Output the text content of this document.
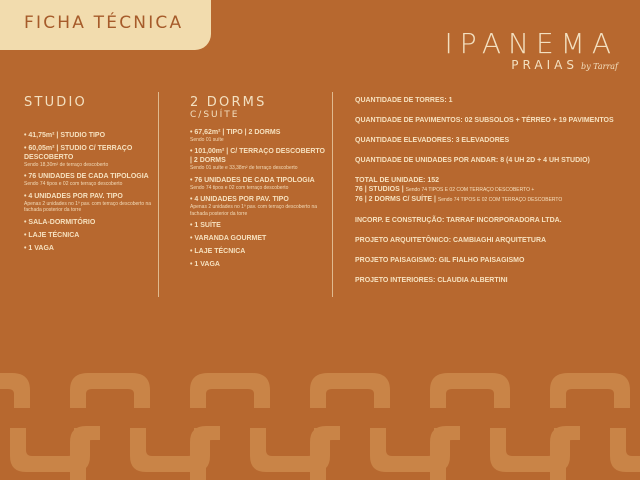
FICHA TÉCNICA
IPANEMA
PRAIAS by Tarraf
STUDIO
• 41,75m² | STUDIO TIPO
• 60,05m² | STUDIO C/ TERRAÇO DESCOBERTO
Sendo 18,30m² de terraço descoberto
• 76 UNIDADES DE CADA TIPOLOGIA
Sendo 74 tipos e 02 com terraço descoberto
• 4 UNIDADES POR PAV. TIPO
Apenas 2 unidades no 1º pav. com terraço descoberto na fachada posterior da torre
• SALA-DORMITÓRIO
• LAJE TÉCNICA
• 1 VAGA
2 DORMS
C/SUÍTE
• 67,62m² | TIPO | 2 DORMS
Sendo 01 suíte
• 101,00m² | C/ TERRAÇO DESCOBERTO | 2 DORMS
Sendo 01 suíte e 33,38m² de terraço descoberto
• 76 UNIDADES DE CADA TIPOLOGIA
Sendo 74 tipos e 02 com terraço descoberto
• 4 UNIDADES POR PAV. TIPO
Apenas 2 unidades no 1º pav. com terraço descoberto na fachada posterior da torre
• 1 SUÍTE
• VARANDA GOURMET
• LAJE TÉCNICA
• 1 VAGA
QUANTIDADE DE TORRES: 1
QUANTIDADE DE PAVIMENTOS: 02 SUBSOLOS + TÉRREO + 19 PAVIMENTOS
QUANTIDADE ELEVADORES: 3 ELEVADORES
QUANTIDADE DE UNIDADES POR ANDAR: 8 (4 UH 2D + 4 UH STUDIO)
TOTAL DE UNIDADE: 152
76 | STUDIOS | Sendo 74 TIPOS E 02 COM TERRAÇO DESCOBERTO +
76 | 2 DORMS C/ SUÍTE | Sendo 74 TIPOS E 02 COM TERRAÇO DESCOBERTO
INCORP. E CONSTRUÇÃO: TARRAF INCORPORADORA LTDA.
PROJETO ARQUITETÔNICO: CAMBIAGHI ARQUITETURA
PROJETO PAISAGISMO: GIL FIALHO PAISAGISMO
PROJETO INTERIORES: CLAUDIA ALBERTINI
